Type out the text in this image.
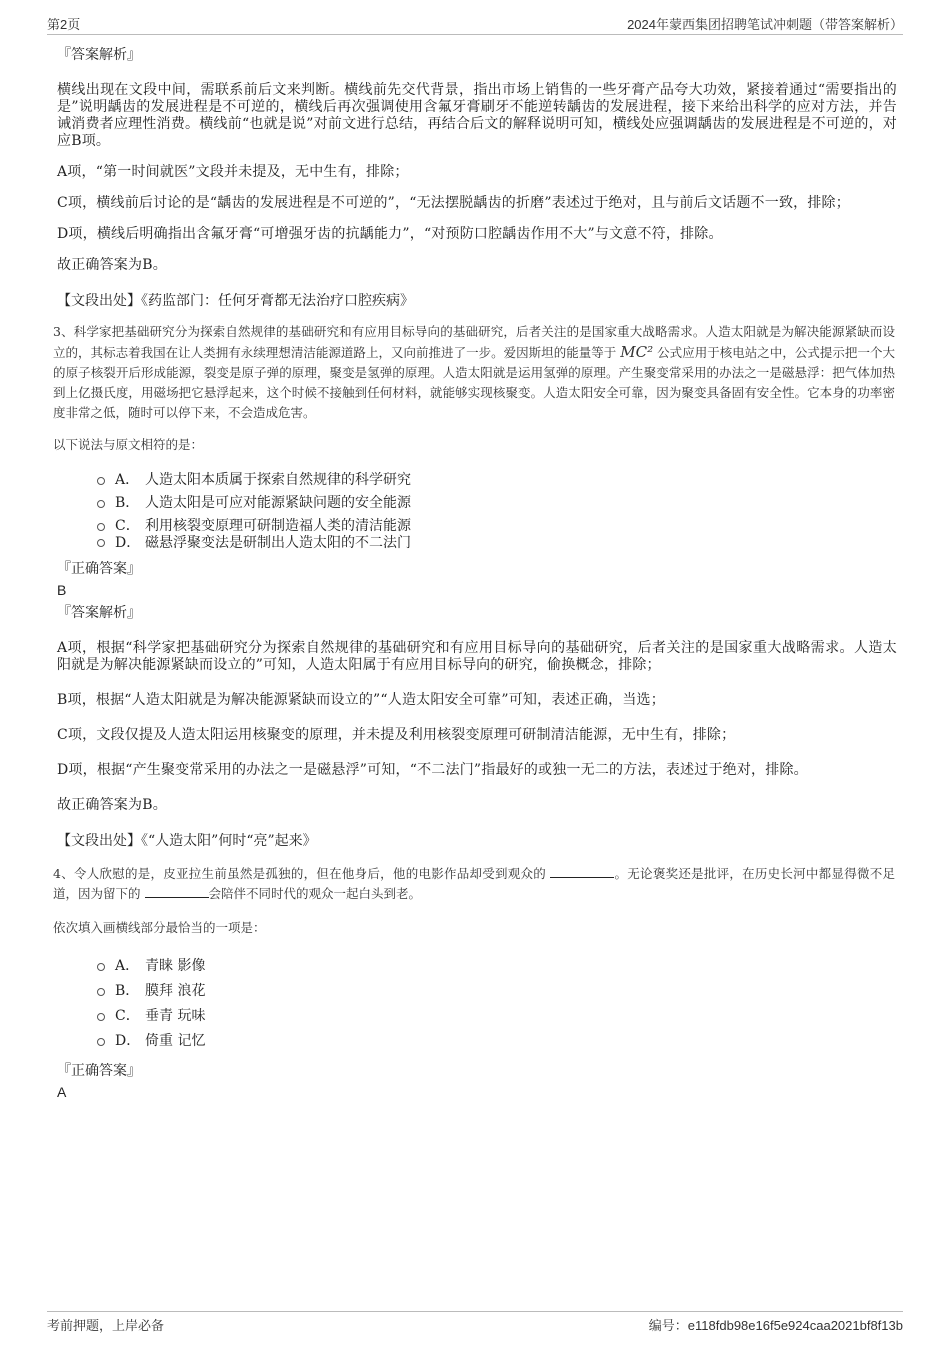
第2页	2024年蒙西集团招聘笔试冲刺题（带答案解析）
『答案解析』

横线出现在文段中间，需联系前后文来判断。横线前先交代背景，指出市场上销售的一些牙膏产品夸大功效，紧接着通过“需要指出的是”说明龋齿的发展进程是不可逆的，横线后再次强调使用含氟牙膏刷牙不能逆转龋齿的发展进程，接下来给出科学的应对方法，并告诫消费者应理性消费。横线前“也就是说”对前文进行总结，再结合后文的解释说明可知，横线处应强调龋齿的发展进程是不可逆的，对应B项。

A项，“第一时间就医”文段并未提及，无中生有，排除；

C项，横线前后讨论的是“龋齿的发展进程是不可逆的”，“无法摆脱龋齿的折磨”表述过于绝对，且与前后文话题不一致，排除；

D项，横线后明确指出含氟牙膏“可增强牙齿的抗龋能力”，“对预防口腔龋齿作用不大”与文意不符，排除。

故正确答案为B。

【文段出处】《药监部门：任何牙膏都无法治疗口腔疾病》

3、科学家把基础研究分为探索自然规律的基础研究和有应用目标导向的基础研究，后者关注的是国家重大战略需求。人造太阳就是为解决能源紧缺而设立的，其标志着我国在让人类拥有永续理想清洁能源道路上，又向前推进了一步。爱因斯坦的能量等于 MC² 公式应用于核电站之中，公式提示把一个大的原子核裂开后形成能源，裂变是原子弹的原理，聚变是氢弹的原理。人造太阳就是运用氢弹的原理。产生聚变常采用的办法之一是磁悬浮：把气体加热到上亿摄氏度，用磁场把它悬浮起来，这个时候不接触到任何材料，就能够实现核聚变。人造太阳安全可靠，因为聚变具备固有安全性。它本身的功率密度非常之低，随时可以停下来，不会造成危害。
以下说法与原文相符的是：
A． 人造太阳本质属于探索自然规律的科学研究
B． 人造太阳是可应对能源紧缺问题的安全能源
C． 利用核裂变原理可研制造福人类的清洁能源
D． 磁悬浮聚变法是研制出人造太阳的不二法门
『正确答案』
B
『答案解析』

A项，根据“科学家把基础研究分为探索自然规律的基础研究和有应用目标导向的基础研究，后者关注的是国家重大战略需求。人造太阳就是为解决能源紧缺而设立的”可知，人造太阳属于有应用目标导向的研究，偷换概念，排除；

B项，根据“人造太阳就是为解决能源紧缺而设立的”“人造太阳安全可靠”可知，表述正确，当选；

C项，文段仅提及人造太阳运用核聚变的原理，并未提及利用核裂变原理可研制清洁能源，无中生有，排除；

D项，根据“产生聚变常采用的办法之一是磁悬浮”可知，“不二法门”指最好的或独一无二的方法，表述过于绝对，排除。

故正确答案为B。

【文段出处】《“人造太阳”何时“亮”起来》

4、令人欣慰的是，皮亚拉生前虽然是孤独的，但在他身后，他的电影作品却受到观众的	。无论褒奖还是批评，在历史长河中都显得微不足道，因为留下的	会陪伴不同时代的观众一起白头到老。
依次填入画横线部分最恰当的一项是：
A． 青睐 影像
B． 膜拜 浪花
C． 垂青 玩味
D． 倚重 记忆
『正确答案』
A
考前押题，上岸必备	编号：e118fdb98e16f5e924caa2021bf8f13b
